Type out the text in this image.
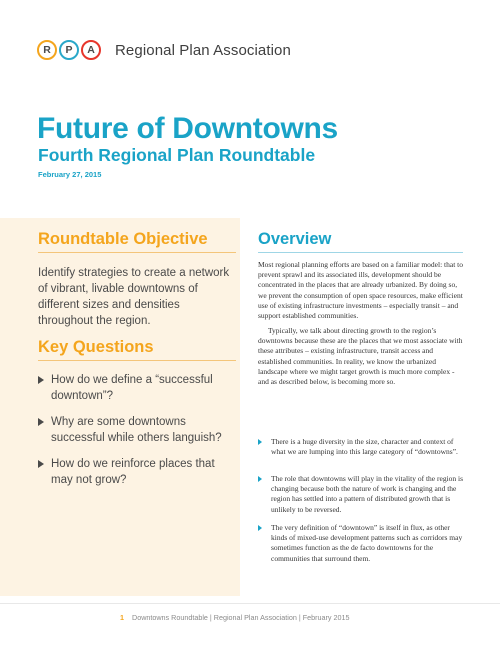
R	P	A	Regional Plan Association
Future of Downtowns
Fourth Regional Plan Roundtable
February 27, 2015
Roundtable Objective

Identify strategies to create a network of vibrant, livable downtowns of different sizes and densities throughout the region.

Key Questions
How do we define a “successful downtown”?
Why are some downtowns successful while others languish?
How do we reinforce places that may not grow?
Overview

Most regional planning efforts are based on a familiar model: that to prevent sprawl and its associated ills, development should be concentrated in the places that are already urbanized. By doing so, we prevent the consumption of open space resources, make efficient use of existing infrastructure investments – especially transit – and support established communities.

Typically, we talk about directing growth to the region’s downtowns because these are the places that we most associate with these attributes – existing infrastructure, transit access and established communities. In reality, we know the urbanized landscape where we might target growth is much more complex - and as described below, is becoming more so.

There is a huge diversity in the size, character and context of what we are lumping into this large category of “downtowns”.
The role that downtowns will play in the vitality of the region is changing because both the nature of work is changing and the region has settled into a pattern of distributed growth that is unlikely to be reversed.
The very definition of “downtown” is itself in flux, as other kinds of mixed-use development patterns such as corridors may sometimes function as the de facto downtowns for the communities that surround them.
1 Downtowns Roundtable | Regional Plan Association | February 2015
